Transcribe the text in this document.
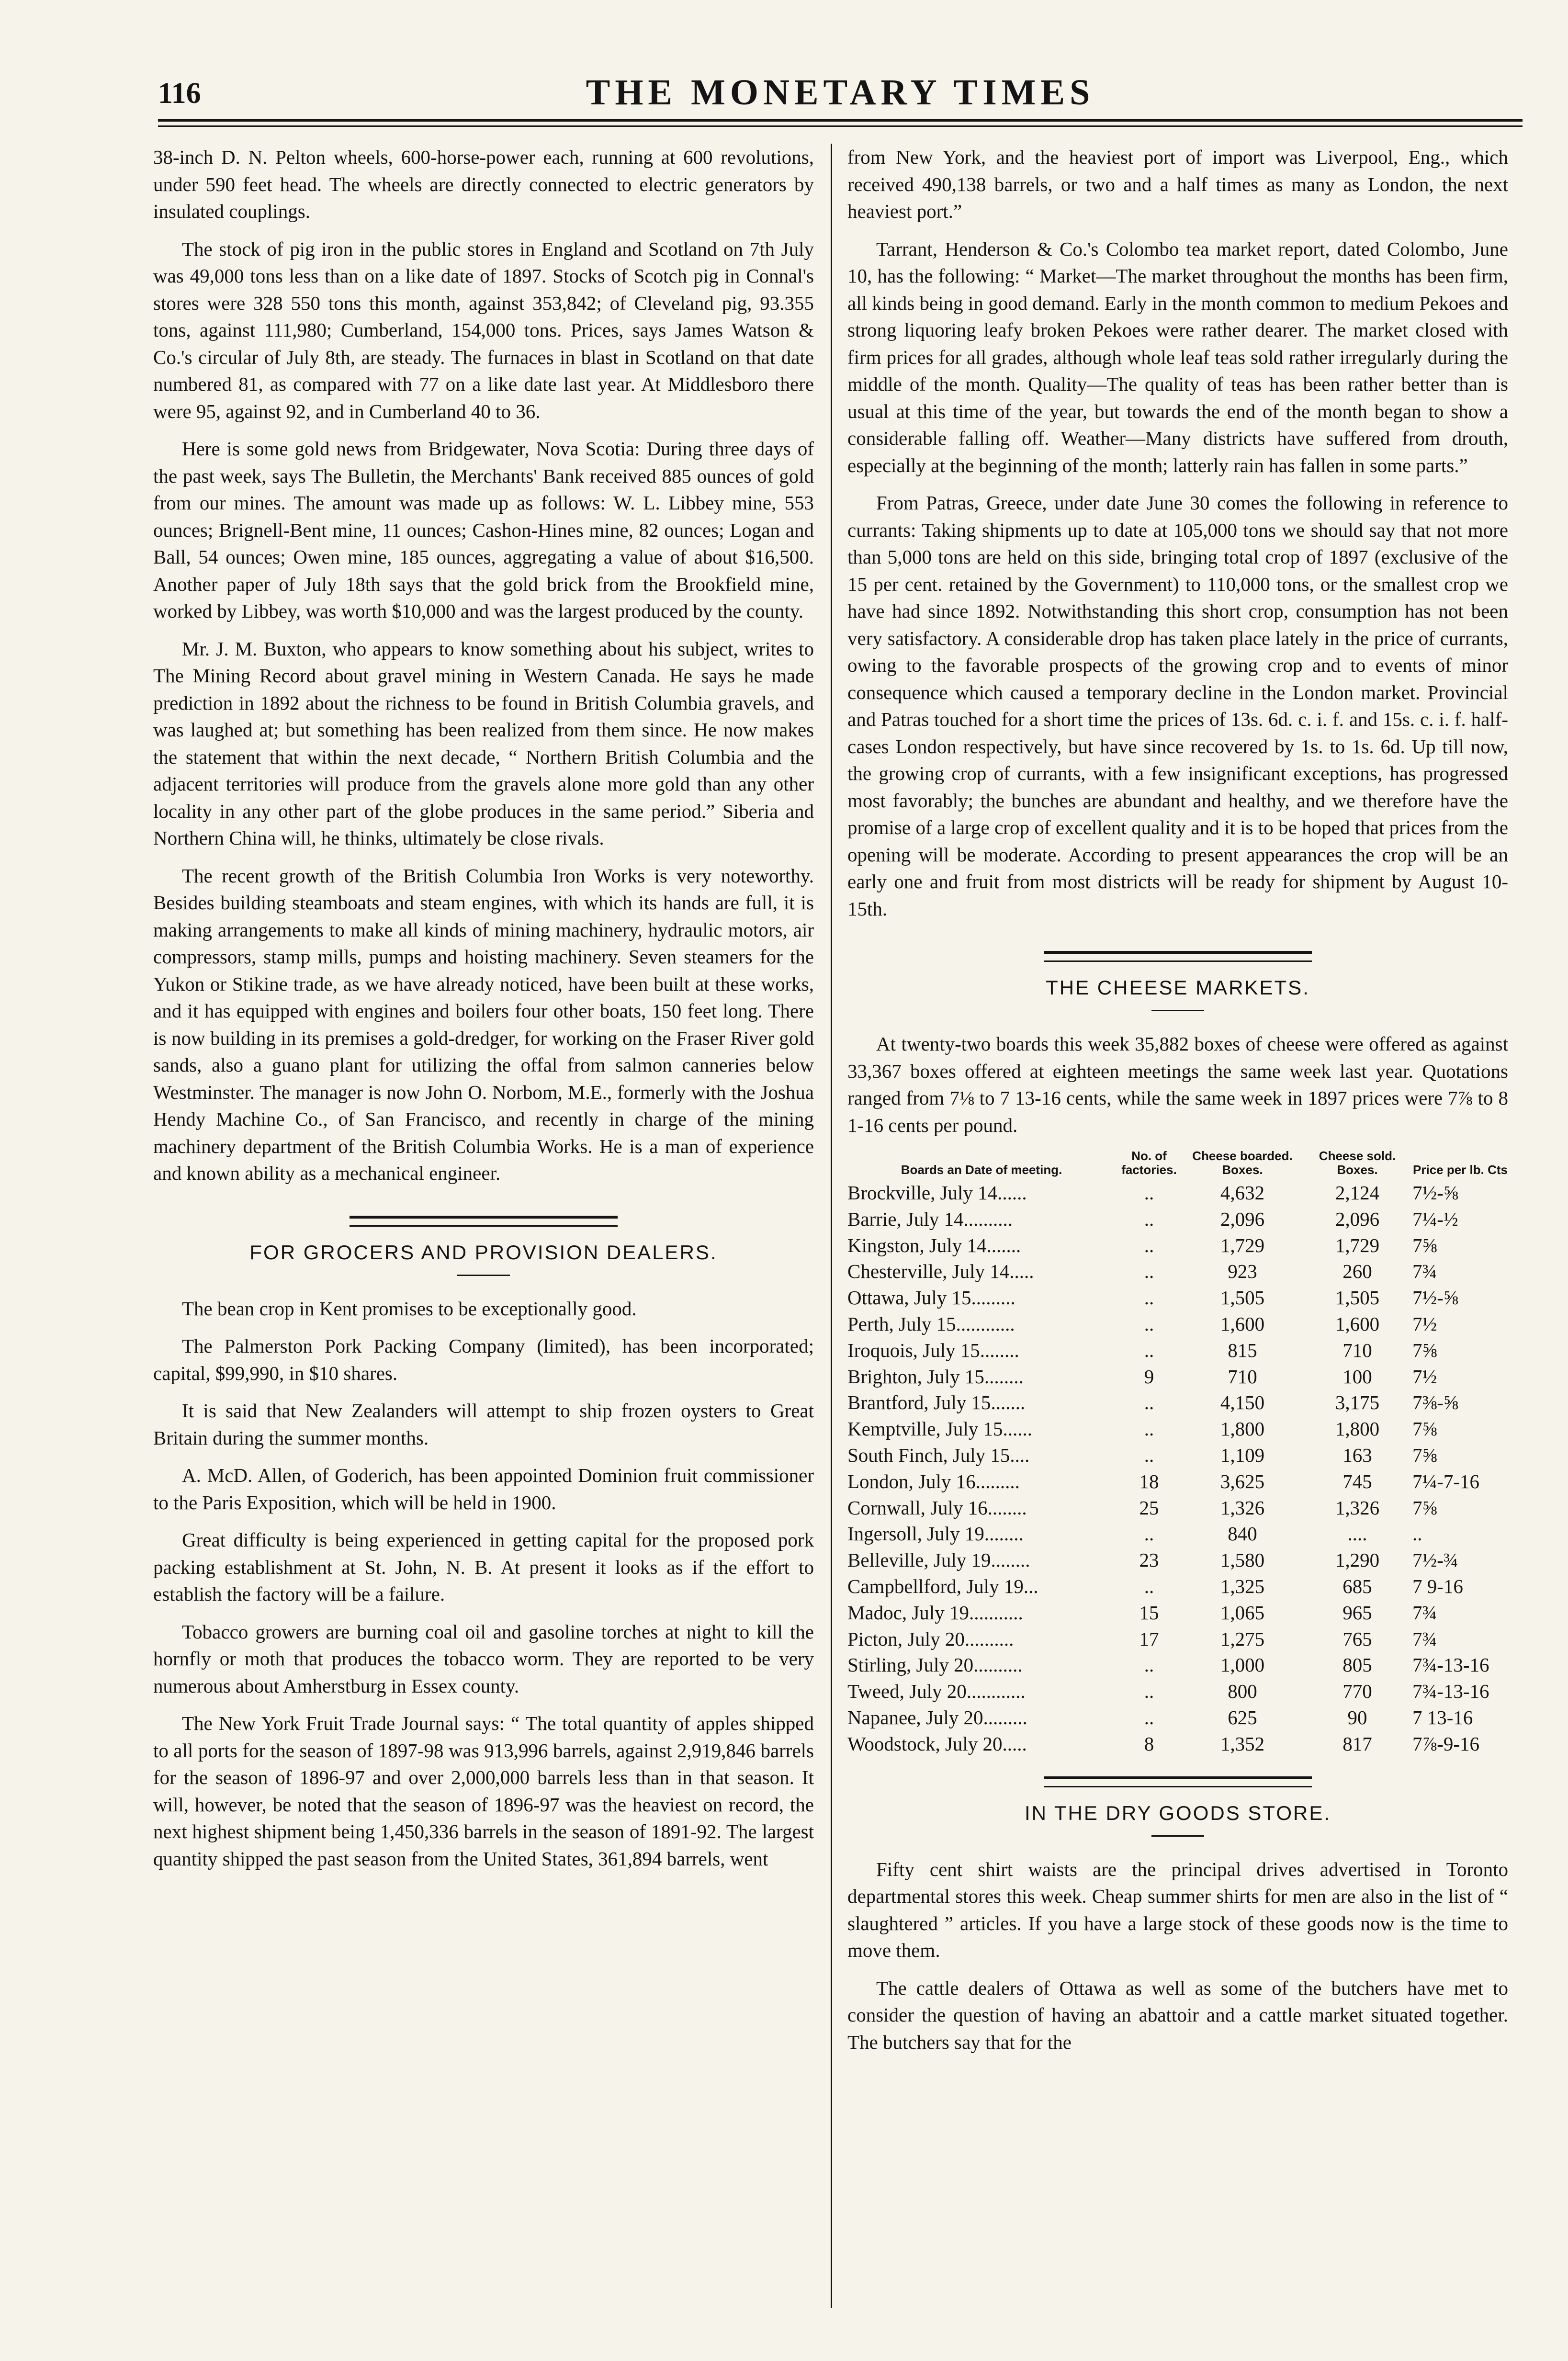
116	THE MONETARY TIMES

38-inch D. N. Pelton wheels, 600-horse-power each, running at 600 revolutions, under 590 feet head. The wheels are directly connected to electric generators by insulated couplings.

The stock of pig iron in the public stores in England and Scotland on 7th July was 49,000 tons less than on a like date of 1897. Stocks of Scotch pig in Connal's stores were 328 550 tons this month, against 353,842; of Cleveland pig, 93.355 tons, against 111,980; Cumberland, 154,000 tons. Prices, says James Watson & Co.'s circular of July 8th, are steady. The furnaces in blast in Scotland on that date numbered 81, as compared with 77 on a like date last year. At Middlesboro there were 95, against 92, and in Cumberland 40 to 36.

Here is some gold news from Bridgewater, Nova Scotia: During three days of the past week, says The Bulletin, the Merchants' Bank received 885 ounces of gold from our mines. The amount was made up as follows: W. L. Libbey mine, 553 ounces; Brignell-Bent mine, 11 ounces; Cashon-Hines mine, 82 ounces; Logan and Ball, 54 ounces; Owen mine, 185 ounces, aggregating a value of about $16,500. Another paper of July 18th says that the gold brick from the Brookfield mine, worked by Libbey, was worth $10,000 and was the largest produced by the county.

Mr. J. M. Buxton, who appears to know something about his subject, writes to The Mining Record about gravel mining in Western Canada. He says he made prediction in 1892 about the richness to be found in British Columbia gravels, and was laughed at; but something has been realized from them since. He now makes the statement that within the next decade, “ Northern British Columbia and the adjacent territories will produce from the gravels alone more gold than any other locality in any other part of the globe produces in the same period.” Siberia and Northern China will, he thinks, ultimately be close rivals.

The recent growth of the British Columbia Iron Works is very noteworthy. Besides building steamboats and steam engines, with which its hands are full, it is making arrangements to make all kinds of mining machinery, hydraulic motors, air compressors, stamp mills, pumps and hoisting machinery. Seven steamers for the Yukon or Stikine trade, as we have already noticed, have been built at these works, and it has equipped with engines and boilers four other boats, 150 feet long. There is now building in its premises a gold-dredger, for working on the Fraser River gold sands, also a guano plant for utilizing the offal from salmon canneries below Westminster. The manager is now John O. Norbom, M.E., formerly with the Joshua Hendy Machine Co., of San Francisco, and recently in charge of the mining machinery department of the British Columbia Works. He is a man of experience and known ability as a mechanical engineer.

FOR GROCERS AND PROVISION DEALERS.

The bean crop in Kent promises to be exceptionally good.

The Palmerston Pork Packing Company (limited), has been incorporated; capital, $99,990, in $10 shares.

It is said that New Zealanders will attempt to ship frozen oysters to Great Britain during the summer months.

A. McD. Allen, of Goderich, has been appointed Dominion fruit commissioner to the Paris Exposition, which will be held in 1900.

Great difficulty is being experienced in getting capital for the proposed pork packing establishment at St. John, N. B. At present it looks as if the effort to establish the factory will be a failure.

Tobacco growers are burning coal oil and gasoline torches at night to kill the hornfly or moth that produces the tobacco worm. They are reported to be very numerous about Amherstburg in Essex county.

The New York Fruit Trade Journal says: “ The total quantity of apples shipped to all ports for the season of 1897-98 was 913,996 barrels, against 2,919,846 barrels for the season of 1896-97 and over 2,000,000 barrels less than in that season. It will, however, be noted that the season of 1896-97 was the heaviest on record, the next highest shipment being 1,450,336 barrels in the season of 1891-92. The largest quantity shipped the past season from the United States, 361,894 barrels, went

from New York, and the heaviest port of import was Liverpool, Eng., which received 490,138 barrels, or two and a half times as many as London, the next heaviest port.”

Tarrant, Henderson & Co.'s Colombo tea market report, dated Colombo, June 10, has the following: “ Market—The market throughout the months has been firm, all kinds being in good demand. Early in the month common to medium Pekoes and strong liquoring leafy broken Pekoes were rather dearer. The market closed with firm prices for all grades, although whole leaf teas sold rather irregularly during the middle of the month. Quality—The quality of teas has been rather better than is usual at this time of the year, but towards the end of the month began to show a considerable falling off. Weather—Many districts have suffered from drouth, especially at the beginning of the month; latterly rain has fallen in some parts.”

From Patras, Greece, under date June 30 comes the following in reference to currants: Taking shipments up to date at 105,000 tons we should say that not more than 5,000 tons are held on this side, bringing total crop of 1897 (exclusive of the 15 per cent. retained by the Government) to 110,000 tons, or the smallest crop we have had since 1892. Notwithstanding this short crop, consumption has not been very satisfactory. A considerable drop has taken place lately in the price of currants, owing to the favorable prospects of the growing crop and to events of minor consequence which caused a temporary decline in the London market. Provincial and Patras touched for a short time the prices of 13s. 6d. c. i. f. and 15s. c. i. f. half-cases London respectively, but have since recovered by 1s. to 1s. 6d. Up till now, the growing crop of currants, with a few insignificant exceptions, has progressed most favorably; the bunches are abundant and healthy, and we therefore have the promise of a large crop of excellent quality and it is to be hoped that prices from the opening will be moderate. According to present appearances the crop will be an early one and fruit from most districts will be ready for shipment by August 10-15th.

THE CHEESE MARKETS.

At twenty-two boards this week 35,882 boxes of cheese were offered as against 33,367 boxes offered at eighteen meetings the same week last year. Quotations ranged from 7⅛ to 7 13-16 cents, while the same week in 1897 prices were 7⅞ to 8 1-16 cents per pound.

Boards an Date of meeting.	No. of factories.	Cheese boarded. Boxes.	Cheese sold. Boxes.	Price per lb. Cts
Brockville, July 14......	..	4,632	2,124	7½-⅝
Barrie, July 14..........	..	2,096	2,096	7¼-½
Kingston, July 14.......	..	1,729	1,729	7⅝
Chesterville, July 14.....	..	923	260	7¾
Ottawa, July 15.........	..	1,505	1,505	7½-⅝
Perth, July 15............	..	1,600	1,600	7½
Iroquois, July 15........	..	815	710	7⅝
Brighton, July 15........	9	710	100	7½
Brantford, July 15.......	..	4,150	3,175	7⅜-⅝
Kemptville, July 15......	..	1,800	1,800	7⅝
South Finch, July 15....	..	1,109	163	7⅝
London, July 16.........	18	3,625	745	7¼-7-16
Cornwall, July 16........	25	1,326	1,326	7⅝
Ingersoll, July 19........	..	840	....	..
Belleville, July 19........	23	1,580	1,290	7½-¾
Campbellford, July 19...	..	1,325	685	7 9-16
Madoc, July 19...........	15	1,065	965	7¾
Picton, July 20..........	17	1,275	765	7¾
Stirling, July 20..........	..	1,000	805	7¾-13-16
Tweed, July 20............	..	800	770	7¾-13-16
Napanee, July 20.........	..	625	90	7 13-16
Woodstock, July 20.....	8	1,352	817	7⅞-9-16
IN THE DRY GOODS STORE.

Fifty cent shirt waists are the principal drives advertised in Toronto departmental stores this week. Cheap summer shirts for men are also in the list of “ slaughtered ” articles. If you have a large stock of these goods now is the time to move them.

The cattle dealers of Ottawa as well as some of the butchers have met to consider the question of having an abattoir and a cattle market situated together. The butchers say that for the
